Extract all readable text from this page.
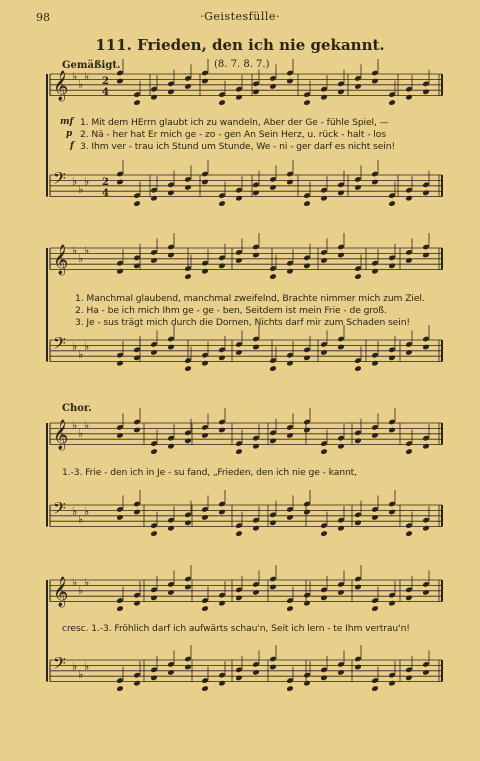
98	·Geistesfülle·
111. Frieden, den ich nie gekannt.
Gemäßigt.	(8. 7. 8. 7.)
𝄞 ♭
♭
♭
𝄢 ♭
♭
♭
𝄞 ♭
♭
♭
𝄢 ♭
♭
♭
𝄞 ♭
♭
♭
𝄢 ♭
♭
♭
𝄞 ♭
♭
♭
𝄢 ♭
♭
♭
2
4
2
4
mf
p
f
1. Mit dem HErrn glaubt ich zu wandeln, Aber der Ge - fühle Spiel, —
2. Nä - her hat Er mich ge - zo - gen An Sein Herz, u. rück - halt - los
3. Ihm ver - trau ich Stund um Stunde, We - ni - ger darf es nicht sein!
1. Manchmal glaubend, manchmal zweifelnd, Brachte nimmer mich zum Ziel.
2. Ha - be ich mich Ihm ge - ge - ben, Seitdem ist mein Frie - de groß.
3. Je - sus trägt mich durch die Dornen, Nichts darf mir zum Schaden sein!
Chor.
1.-3. Frie - den ich in Je - su fand, „Frieden, den ich nie ge - kannt,
cresc. 1.-3. Fröhlich darf ich aufwärts schau'n, Seit ich lern - te Ihm vertrau'n!
